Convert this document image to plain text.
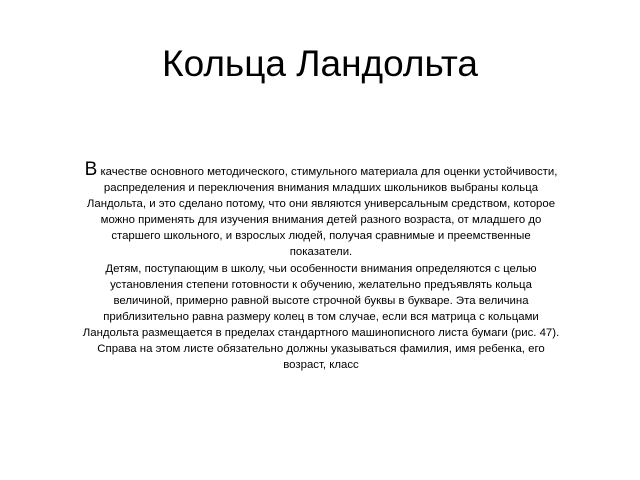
Кольца Ландольта

В качестве основного методического, стимульного материала для оценки устойчивости, распределения и переключения внимания младших школьников выбраны кольца Ландольта, и это сделано потому, что они являются универсальным средством, которое можно применять для изучения внимания детей разного возраста, от младшего до старшего школьного, и взрослых людей, получая сравнимые и преемственные показатели.

Детям, поступающим в школу, чьи особенности внимания определяются с целью установления степени готовности к обучению, желательно предъявлять кольца величиной, примерно равной высоте строчной буквы в букваре. Эта величина приблизительно равна размеру колец в том случае, если вся матрица с кольцами Ландольта размещается в пределах стандартного машинописного листа бумаги (рис. 47). Справа на этом листе обязательно должны указываться фамилия, имя ребенка, его возраст, класс
